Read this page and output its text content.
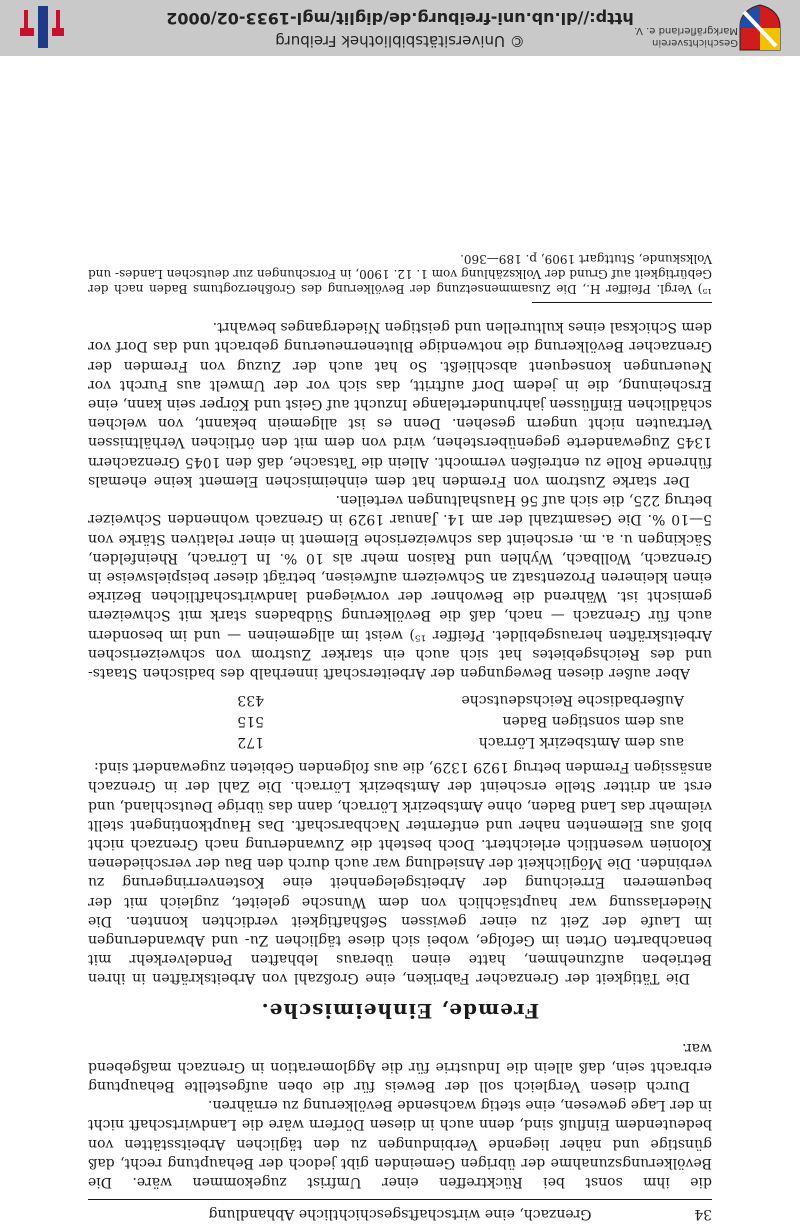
Geschichtsverein
Markgräflerland e. V.
© Universitätsbibliothek Freiburg
http://dl.ub.uni-freiburg.de/diglit/mgl-1933-02/0002
34
Grenzach, eine wirtschaftsgeschichtliche Abhandlung

die ihm sonst bei Rücktreffen einer Umfrist zugekommen wäre. Die Bevölkerungszunahme der übrigen Gemeinden gibt jedoch der Behauptung recht, daß günstige und näher liegende Verbindungen zu den täglichen Arbeitsstätten von bedeutendem Einfluß sind, denn auch in diesen Dörfern wäre die Landwirtschaft nicht in der Lage gewesen, eine stetig wachsende Bevölkerung zu ernähren.

Durch diesen Vergleich soll der Beweis für die oben aufgestellte Behauptung erbracht sein, daß allein die Industrie für die Agglomeration in Grenzach maßgebend war.

Fremde, Einheimische.

Die Tätigkeit der Grenzacher Fabriken, eine Großzahl von Arbeitskräften in ihren Betrieben aufzunehmen, hatte einen überaus lebhaften Pendelverkehr mit benachbarten Orten im Gefolge, wobei sich diese täglichen Zu- und Abwanderungen im Laufe der Zeit zu einer gewissen Seßhaftigkeit verdichten konnten. Die Niederlassung war hauptsächlich von dem Wunsche geleitet, zugleich mit der bequemeren Erreichung der Arbeitsgelegenheit eine Kostenverringerung zu verbinden. Die Möglichkeit der Ansiedlung war auch durch den Bau der verschiedenen Kolonien wesentlich erleichtert. Doch besteht die Zuwanderung nach Grenzach nicht bloß aus Elementen naher und entfernter Nachbarschaft. Das Hauptkontingent stellt vielmehr das Land Baden, ohne Amtsbezirk Lörrach, dann das übrige Deutschland, und erst an dritter Stelle erscheint der Amtsbezirk Lörrach. Die Zahl der in Grenzach ansässigen Fremden betrug 1929 1329, die aus folgenden Gebieten zugewandert sind:

aus dem Amtsbezirk Lörrach	172
aus dem sonstigen Baden	515
Außerbadische Reichsdeutsche	433

Aber außer diesen Bewegungen der Arbeiterschaft innerhalb des badischen Staats- und des Reichsgebietes hat sich auch ein starker Zustrom von schweizerischen Arbeitskräften herausgebildet. Pfeiffer ¹⁵) weist im allgemeinen — und im besondern auch für Grenzach — nach, daß die Bevölkerung Südbadens stark mit Schweizern gemischt ist. Während die Bewohner der vorwiegend landwirtschaftlichen Bezirke einen kleineren Prozentsatz an Schweizern aufweisen, beträgt dieser beispielsweise in Grenzach, Wollbach, Wyhlen und Raison mehr als 10 %. In Lörrach, Rheinfelden, Säckingen u. a. m. erscheint das schweizerische Element in einer relativen Stärke von 5—10 %. Die Gesamtzahl der am 14. Januar 1929 in Grenzach wohnenden Schweizer betrug 225, die sich auf 56 Haushaltungen verteilen.

Der starke Zustrom von Fremden hat dem einheimischen Element keine ehemals führende Rolle zu entreißen vermocht. Allein die Tatsache, daß den 1045 Grenzachern 1345 Zugewanderte gegenüberstehen, wird von dem mit den örtlichen Verhältnissen Vertrauten nicht ungern gesehen. Denn es ist allgemein bekannt, von welchen schädlichen Einflüssen jahrhundertelange Inzucht auf Geist und Körper sein kann, eine Erscheinung, die in jedem Dorf auftritt, das sich vor der Umwelt aus Furcht vor Neuerungen konsequent abschließt. So hat auch der Zuzug von Fremden der Grenzacher Bevölkerung die notwendige Blutenerneuerung gebracht und das Dorf vor dem Schicksal eines kulturellen und geistigen Niederganges bewahrt.

¹⁵) Vergl. Pfeiffer H., Die Zusammensetzung der Bevölkerung des Großherzogtums Baden nach der Gebürtigkeit auf Grund der Volkszählung vom 1. 12. 1900, in Forschungen zur deutschen Landes- und Volkskunde, Stuttgart 1909, p. 189—360.
